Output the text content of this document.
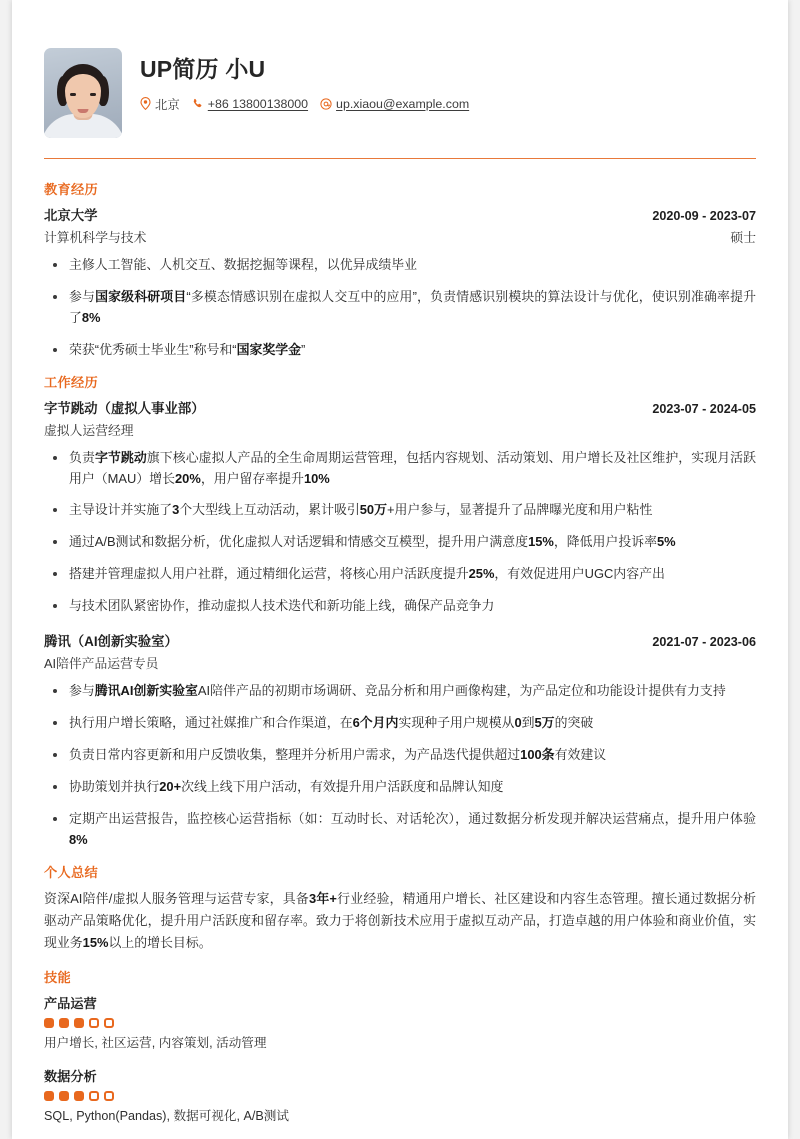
UP简历 小U
北京 +86 13800138000 up.xiaou@example.com
教育经历
北京大学	2020-09 - 2023-07
计算机科学与技术	硕士
主修人工智能、人机交互、数据挖掘等课程，以优异成绩毕业
参与国家级科研项目“多模态情感识别在虚拟人交互中的应用”，负责情感识别模块的算法设计与优化，使识别准确率提升了8%
荣获“优秀硕士毕业生”称号和“国家奖学金”
工作经历
字节跳动（虚拟人事业部）	2023-07 - 2024-05
虚拟人运营经理
负责字节跳动旗下核心虚拟人产品的全生命周期运营管理，包括内容规划、活动策划、用户增长及社区维护，实现月活跃用户（MAU）增长20%，用户留存率提升10%
主导设计并实施了3个大型线上互动活动，累计吸引50万+用户参与，显著提升了品牌曝光度和用户粘性
通过A/B测试和数据分析，优化虚拟人对话逻辑和情感交互模型，提升用户满意度15%，降低用户投诉率5%
搭建并管理虚拟人用户社群，通过精细化运营，将核心用户活跃度提升25%，有效促进用户UGC内容产出
与技术团队紧密协作，推动虚拟人技术迭代和新功能上线，确保产品竞争力
腾讯（AI创新实验室）	2021-07 - 2023-06
AI陪伴产品运营专员
参与腾讯AI创新实验室AI陪伴产品的初期市场调研、竞品分析和用户画像构建，为产品定位和功能设计提供有力支持
执行用户增长策略，通过社媒推广和合作渠道，在6个月内实现种子用户规模从0到5万的突破
负责日常内容更新和用户反馈收集，整理并分析用户需求，为产品迭代提供超过100条有效建议
协助策划并执行20+次线上线下用户活动，有效提升用户活跃度和品牌认知度
定期产出运营报告，监控核心运营指标（如：互动时长、对话轮次），通过数据分析发现并解决运营痛点，提升用户体验8%
个人总结

资深AI陪伴/虚拟人服务管理与运营专家，具备3年+行业经验，精通用户增长、社区建设和内容生态管理。擅长通过数据分析驱动产品策略优化，提升用户活跃度和留存率。致力于将创新技术应用于虚拟互动产品，打造卓越的用户体验和商业价值，实现业务15%以上的增长目标。

技能
产品运营
用户增长, 社区运营, 内容策划, 活动管理
数据分析
SQL, Python(Pandas), 数据可视化, A/B测试
